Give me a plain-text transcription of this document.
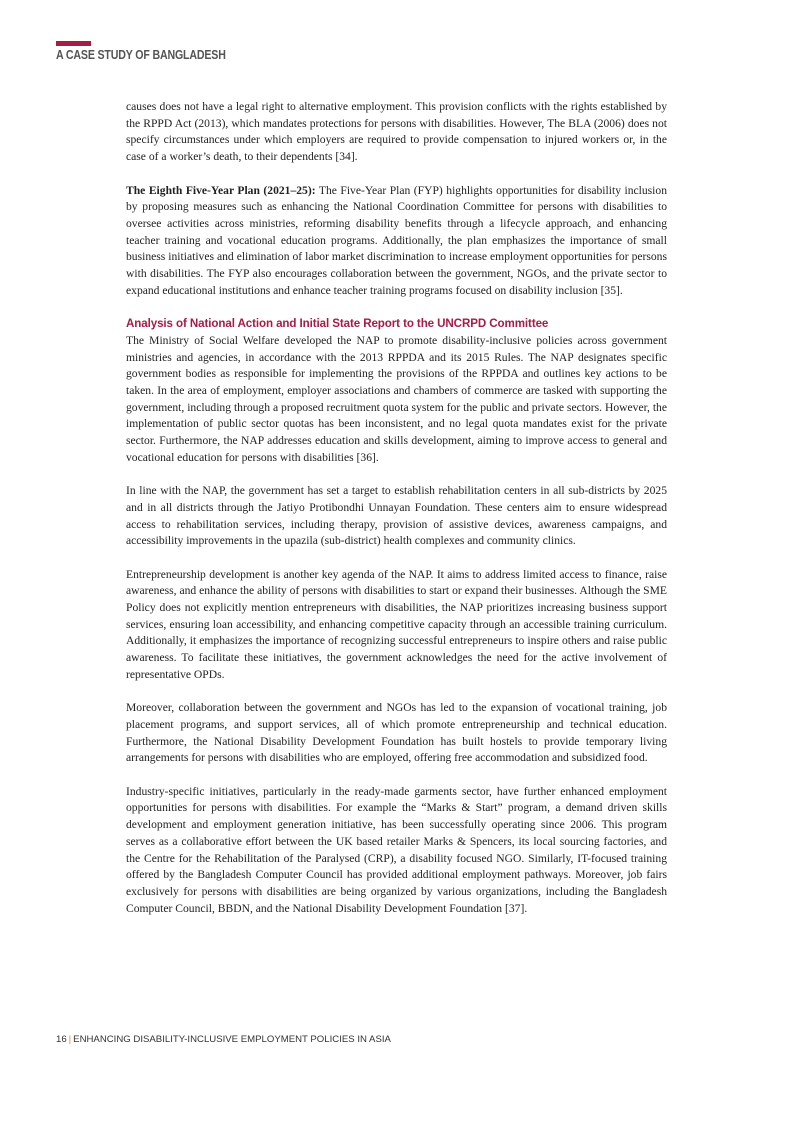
A CASE STUDY OF BANGLADESH

causes does not have a legal right to alternative employment. This provision conflicts with the rights established by the RPPD Act (2013), which mandates protections for persons with disabilities. However, The BLA (2006) does not specify circumstances under which employers are required to provide compensation to injured workers or, in the case of a worker’s death, to their dependents [34].

The Eighth Five-Year Plan (2021–25): The Five-Year Plan (FYP) highlights opportunities for disability inclusion by proposing measures such as enhancing the National Coordination Committee for persons with disabilities to oversee activities across ministries, reforming disability benefits through a lifecycle approach, and enhancing teacher training and vocational education programs. Additionally, the plan emphasizes the importance of small business initiatives and elimination of labor market discrimination to increase employment opportunities for persons with disabilities. The FYP also encourages collaboration between the government, NGOs, and the private sector to expand educational institutions and enhance teacher training programs focused on disability inclusion [35].

Analysis of National Action and Initial State Report to the UNCRPD Committee

The Ministry of Social Welfare developed the NAP to promote disability-inclusive policies across government ministries and agencies, in accordance with the 2013 RPPDA and its 2015 Rules. The NAP designates specific government bodies as responsible for implementing the provisions of the RPPDA and outlines key actions to be taken. In the area of employment, employer associations and chambers of commerce are tasked with supporting the government, including through a proposed recruitment quota system for the public and private sectors. However, the implementation of public sector quotas has been inconsistent, and no legal quota mandates exist for the private sector. Furthermore, the NAP addresses education and skills development, aiming to improve access to general and vocational education for persons with disabilities [36].

In line with the NAP, the government has set a target to establish rehabilitation centers in all sub-districts by 2025 and in all districts through the Jatiyo Protibondhi Unnayan Foundation. These centers aim to ensure widespread access to rehabilitation services, including therapy, provision of assistive devices, awareness campaigns, and accessibility improvements in the upazila (sub-district) health complexes and community clinics.

Entrepreneurship development is another key agenda of the NAP. It aims to address limited access to finance, raise awareness, and enhance the ability of persons with disabilities to start or expand their businesses. Although the SME Policy does not explicitly mention entrepreneurs with disabilities, the NAP prioritizes increasing business support services, ensuring loan accessibility, and enhancing competitive capacity through an accessible training curriculum. Additionally, it emphasizes the importance of recognizing successful entrepreneurs to inspire others and raise public awareness. To facilitate these initiatives, the government acknowledges the need for the active involvement of representative OPDs.

Moreover, collaboration between the government and NGOs has led to the expansion of vocational training, job placement programs, and support services, all of which promote entrepreneurship and technical education. Furthermore, the National Disability Development Foundation has built hostels to provide temporary living arrangements for persons with disabilities who are employed, offering free accommodation and subsidized food.

Industry-specific initiatives, particularly in the ready-made garments sector, have further enhanced employment opportunities for persons with disabilities. For example the “Marks & Start” program, a demand driven skills development and employment generation initiative, has been successfully operating since 2006. This program serves as a collaborative effort between the UK based retailer Marks & Spencers, its local sourcing factories, and the Centre for the Rehabilitation of the Paralysed (CRP), a disability focused NGO. Similarly, IT-focused training offered by the Bangladesh Computer Council has provided additional employment pathways. Moreover, job fairs exclusively for persons with disabilities are being organized by various organizations, including the Bangladesh Computer Council, BBDN, and the National Disability Development Foundation [37].

16 | ENHANCING DISABILITY-INCLUSIVE EMPLOYMENT POLICIES IN ASIA
